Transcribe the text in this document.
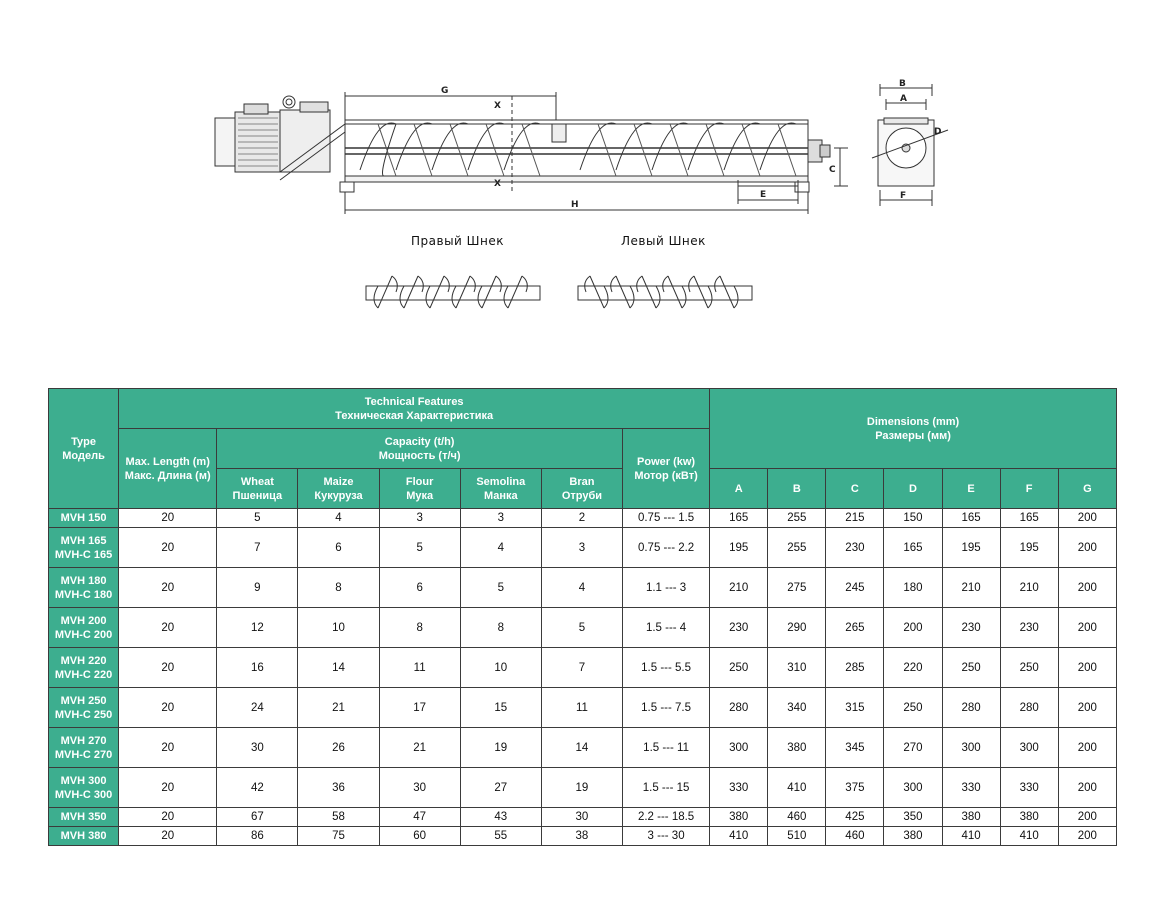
G
X
X
H
E
C
B
A
D
F
Правый Шнек	Левый Шнек
Type
Модель	Technical Features
Техническая Характеристика							Dimensions (mm)
Размеры (мм)						

	Max. Length (m)
Макс. Длина (м)	Capacity (t/h)
Мощность (т/ч)					Power (kw)
Мотор (кВт)							

		Wheat
Пшеница	Maize
Кукуруза	Flour
Мука	Semolina
Манка	Bran
Отруби		A	B	C	D	E	F	G

MVH 150	20	5	4	3	3	2	0.75 --- 1.5	165	255	215	150	165	165	200

MVH 165
MVH-C 165	20	7	6	5	4	3	0.75 --- 2.2	195	255	230	165	195	195	200

MVH 180
MVH-C 180	20	9	8	6	5	4	1.1 --- 3	210	275	245	180	210	210	200

MVH 200
MVH-C 200	20	12	10	8	8	5	1.5 --- 4	230	290	265	200	230	230	200

MVH 220
MVH-C 220	20	16	14	11	10	7	1.5 --- 5.5	250	310	285	220	250	250	200

MVH 250
MVH-C 250	20	24	21	17	15	11	1.5 --- 7.5	280	340	315	250	280	280	200

MVH 270
MVH-C 270	20	30	26	21	19	14	1.5 --- 11	300	380	345	270	300	300	200

MVH 300
MVH-C 300	20	42	36	30	27	19	1.5 --- 15	330	410	375	300	330	330	200

MVH 350	20	67	58	47	43	30	2.2 --- 18.5	380	460	425	350	380	380	200

MVH 380	20	86	75	60	55	38	3 --- 30	410	510	460	380	410	410	200
